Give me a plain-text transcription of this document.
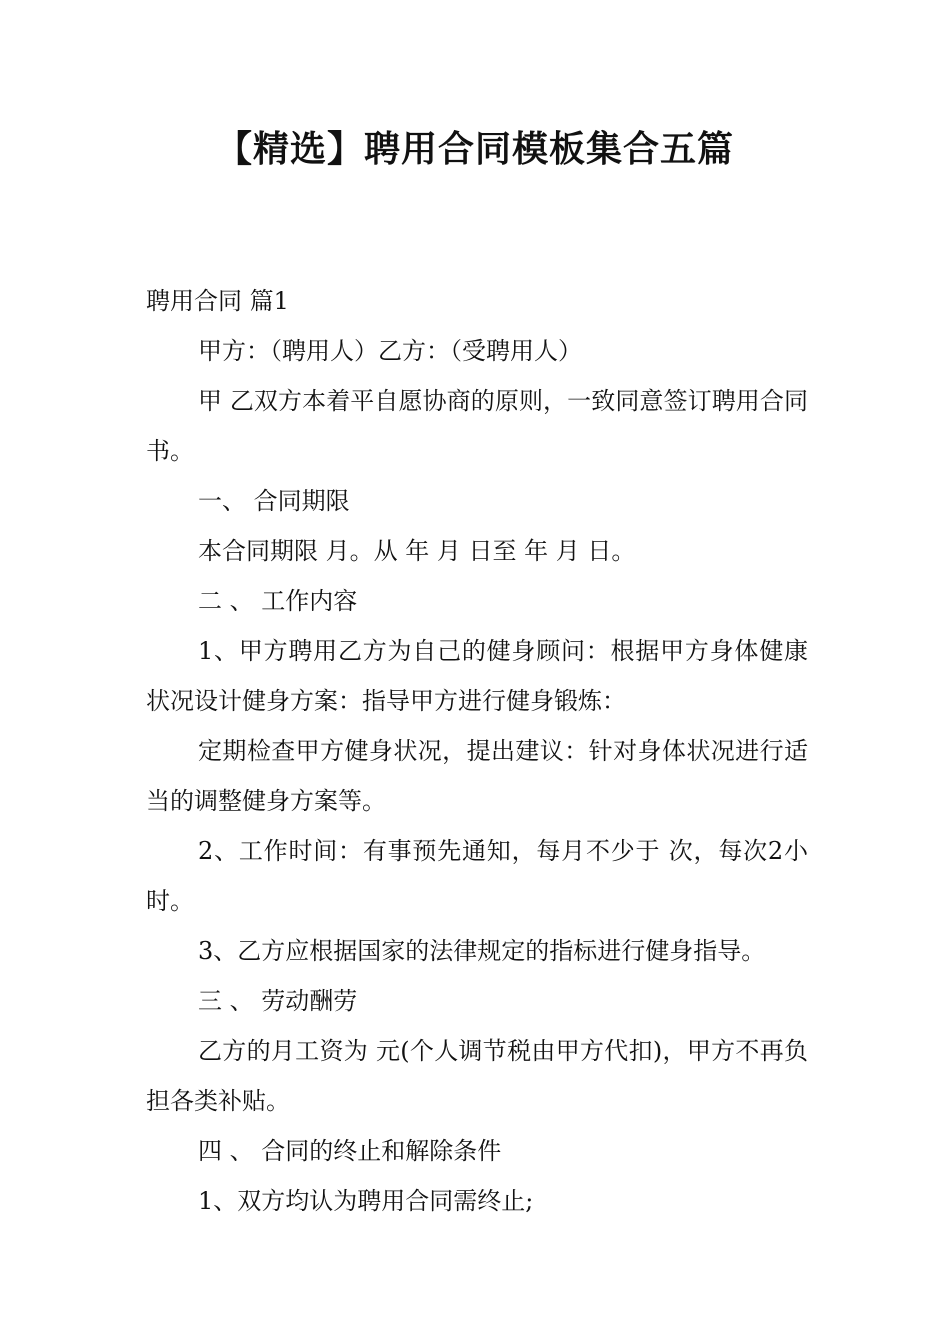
【精选】聘用合同模板集合五篇

聘用合同 篇1

甲方：（聘用人）乙方：（受聘用人）

甲 乙双方本着平自愿协商的原则，一致同意签订聘用合同书。

一、 合同期限

本合同期限 月。从 年 月 日至 年 月 日。

二 、 工作内容

1、甲方聘用乙方为自己的健身顾问：根据甲方身体健康状况设计健身方案：指导甲方进行健身锻炼：

定期检查甲方健身状况，提出建议：针对身体状况进行适当的调整健身方案等。

2、工作时间：有事预先通知，每月不少于 次，每次2小时。

3、乙方应根据国家的法律规定的指标进行健身指导。

三 、 劳动酬劳

乙方的月工资为 元(个人调节税由甲方代扣)，甲方不再负担各类补贴。

四 、 合同的终止和解除条件

1、双方均认为聘用合同需终止;
